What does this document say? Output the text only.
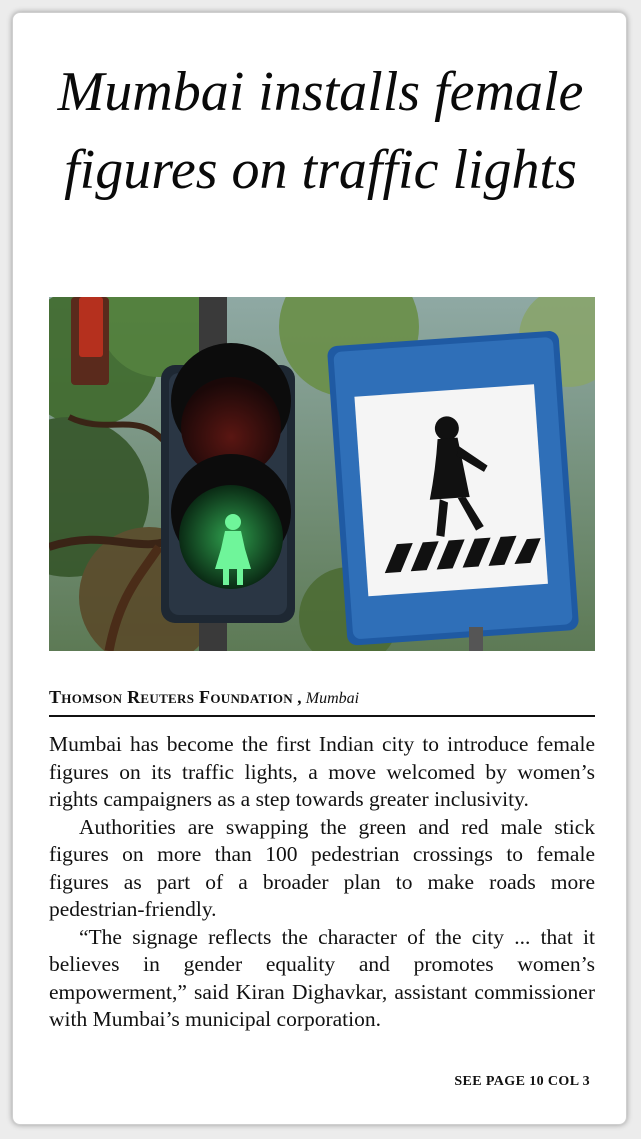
Mumbai installs female figures on traffic lights
Thomson Reuters Foundation , Mumbai

Mumbai has become the first Indian city to introduce female figures on its traffic lights, a move welcomed by women’s rights campaigners as a step towards greater inclusivity.

Authorities are swapping the green and red male stick figures on more than 100 pedestrian crossings to female figures as part of a broader plan to make roads more pedestrian-friendly.

“The signage reflects the character of the city ... that it believes in gender equality and promotes women’s empowerment,” said Kiran Dighavkar, assistant commissioner with Mumbai’s municipal corporation.

SEE PAGE 10 COL 3
